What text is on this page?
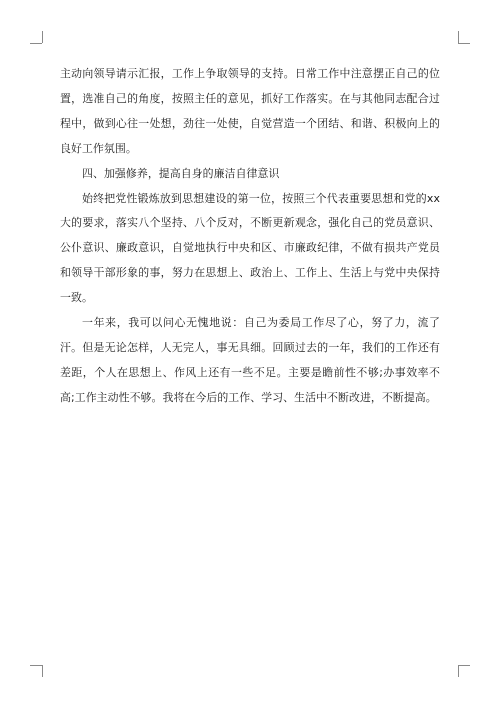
主动向领导请示汇报，工作上争取领导的支持。日常工作中注意摆正自己的位置，选准自己的角度，按照主任的意见，抓好工作落实。在与其他同志配合过程中，做到心往一处想，劲往一处使，自觉营造一个团结、和谐、积极向上的良好工作氛围。

四、加强修养，提高自身的廉洁自律意识

始终把党性锻炼放到思想建设的第一位，按照三个代表重要思想和党的xx大的要求，落实八个坚持、八个反对，不断更新观念，强化自己的党员意识、公仆意识、廉政意识，自觉地执行中央和区、市廉政纪律，不做有损共产党员和领导干部形象的事，努力在思想上、政治上、工作上、生活上与党中央保持一致。

一年来，我可以问心无愧地说：自己为委局工作尽了心，努了力，流了汗。但是无论怎样，人无完人，事无具细。回顾过去的一年，我们的工作还有差距，个人在思想上、作风上还有一些不足。主要是瞻前性不够;办事效率不高;工作主动性不够。我将在今后的工作、学习、生活中不断改进，不断提高。
